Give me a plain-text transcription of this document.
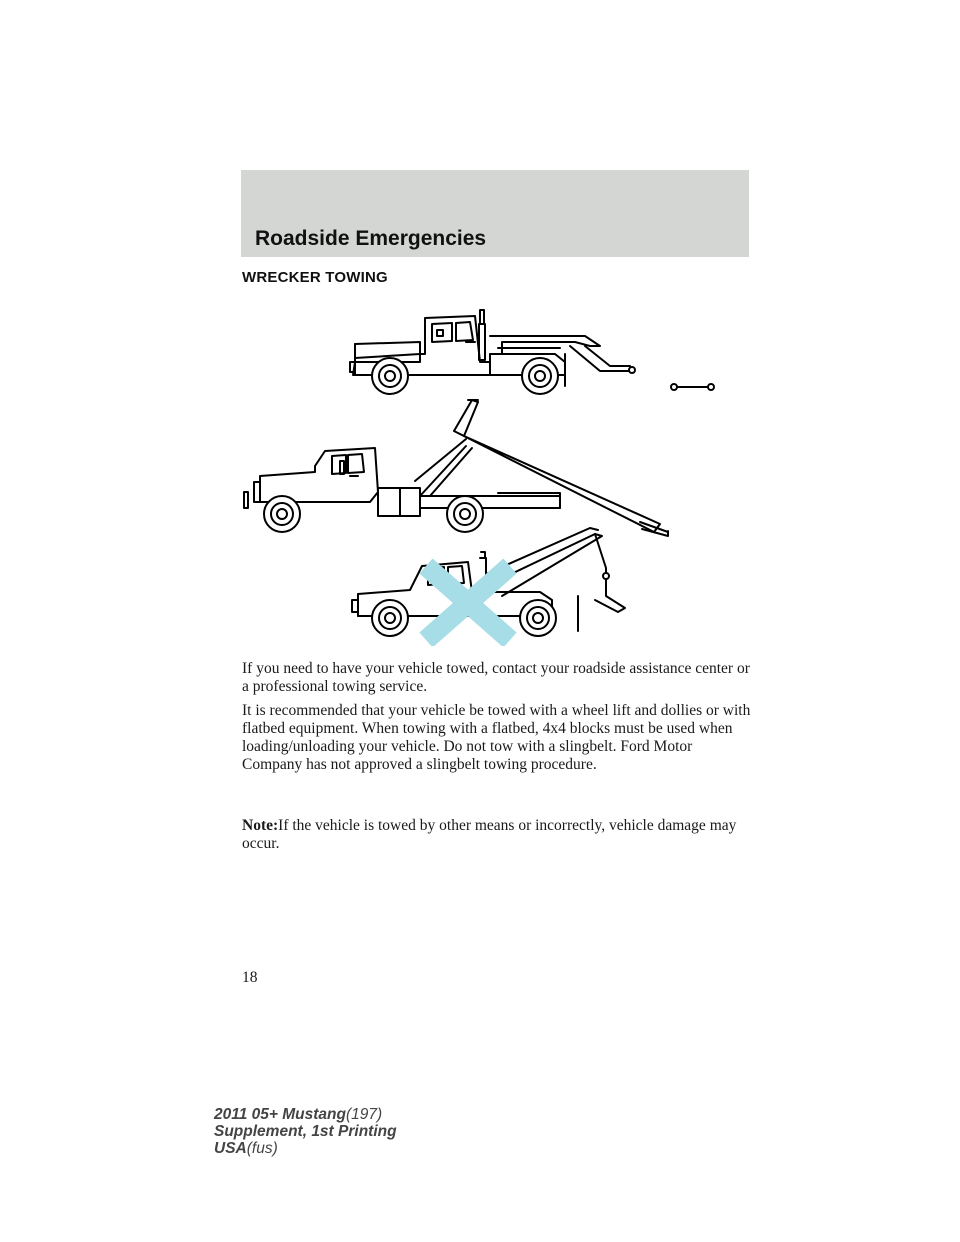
Roadside Emergencies
WRECKER TOWING
If you need to have your vehicle towed, contact your roadside assistance center or a professional towing service.
It is recommended that your vehicle be towed with a wheel lift and dollies or with flatbed equipment. When towing with a flatbed, 4x4 blocks must be used when loading/unloading your vehicle. Do not tow with a slingbelt. Ford Motor Company has not approved a slingbelt towing procedure.
Note:If the vehicle is towed by other means or incorrectly, vehicle damage may occur.
18
2011 05+ Mustang(197)
Supplement, 1st Printing
USA(fus)
